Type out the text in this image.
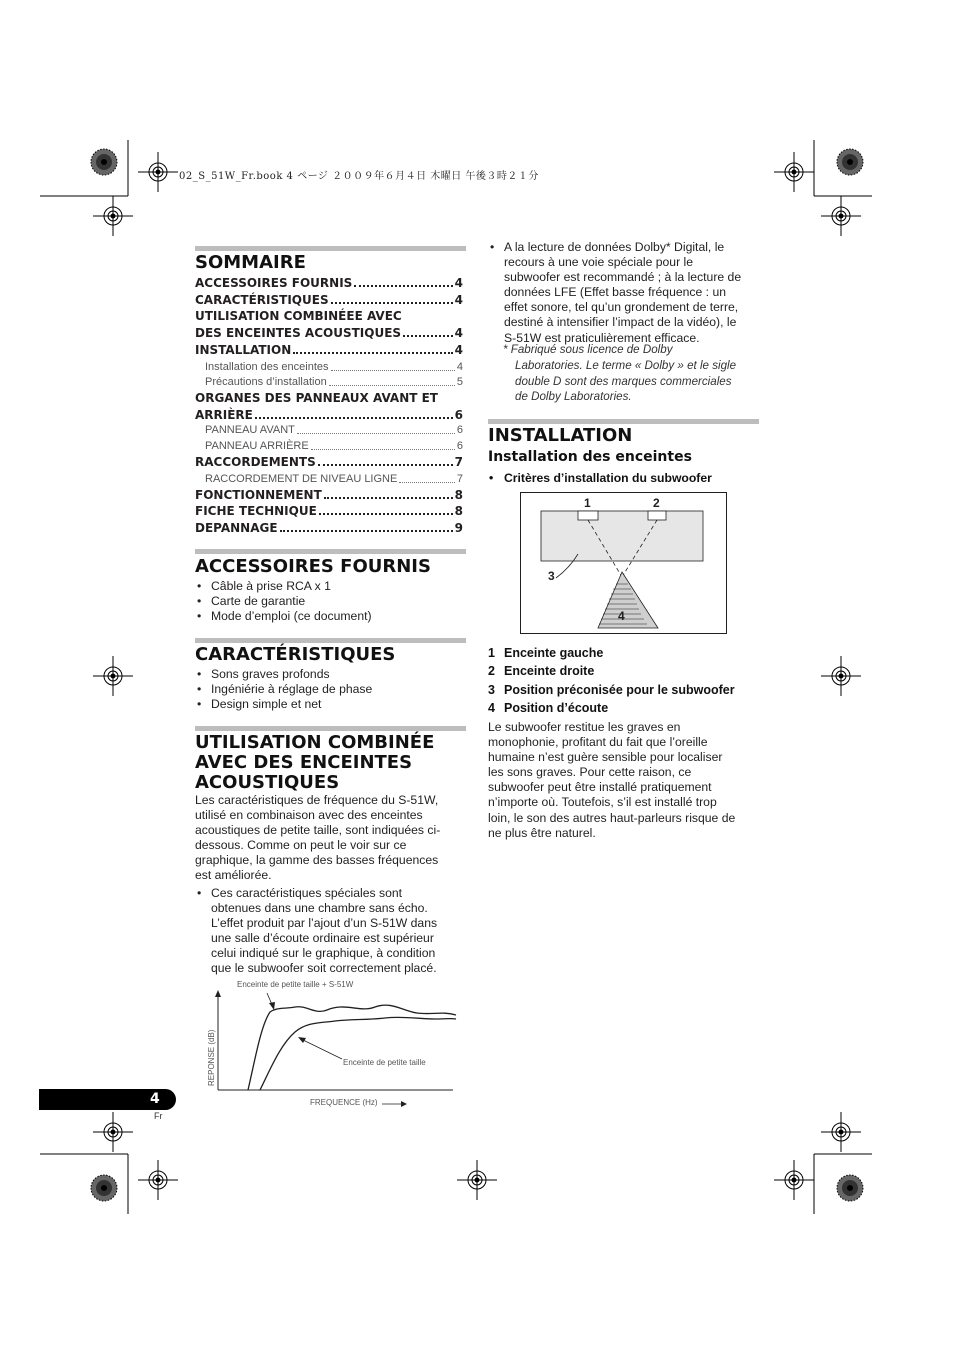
02_S_51W_Fr.book 4 ページ ２００９年６月４日 木曜日 午後３時２１分
SOMMAIRE
ACCESSOIRES FOURNIS	4
CARACTÉRISTIQUES	4
UTILISATION COMBINÉEE AVEC
DES ENCEINTES ACOUSTIQUES	4
INSTALLATION	4
Installation des enceintes	4
Précautions d’installation	5
ORGANES DES PANNEAUX AVANT ET
ARRIÈRE	6
PANNEAU AVANT	6
PANNEAU ARRIÈRE	6
RACCORDEMENTS	7
RACCORDEMENT DE NIVEAU LIGNE	7
FONCTIONNEMENT	8
FICHE TECHNIQUE	8
DEPANNAGE	9
ACCESSOIRES FOURNIS
• Câble à prise RCA x 1
• Carte de garantie
• Mode d’emploi (ce document)
CARACTÉRISTIQUES
• Sons graves profonds
• Ingéniérie à réglage de phase
• Design simple et net
UTILISATION COMBINÉE
AVEC DES ENCEINTES
ACOUSTIQUES
Les caractéristiques de fréquence du S-51W,
utilisé en combinaison avec des enceintes
acoustiques de petite taille, sont indiquées ci-
dessous. Comme on peut le voir sur ce
graphique, la gamme des basses fréquences
est améliorée.
• Ces caractéristiques spéciales sont
obtenues dans une chambre sans écho.
L’effet produit par l’ajout d’un S-51W dans
une salle d’écoute ordinaire est supérieur
celui indiqué sur le graphique, à condition
que le subwoofer soit correctement placé.
Enceinte de petite taille + S-51W
Enceinte de petite taille
FREQUENCE (Hz)
REPONSE (dB)
• A la lecture de données Dolby* Digital, le
recours à une voie spéciale pour le
subwoofer est recommandé ; à la lecture de
données LFE (Effet basse fréquence : un
effet sonore, tel qu’un grondement de terre,
destiné à intensifier l’impact de la vidéo), le
S-51W est praticulièrement efficace.
* Fabriqué sous licence de Dolby
Laboratories. Le terme « Dolby » et le sigle
double D sont des marques commerciales
de Dolby Laboratories.
INSTALLATION
Installation des enceintes
• Critères d’installation du subwoofer
1	2
3
4
1 Enceinte gauche
2 Enceinte droite
3 Position préconisée pour le subwoofer
4 Position d’écoute
Le subwoofer restitue les graves en
monophonie, profitant du fait que l’oreille
humaine n’est guère sensible pour localiser
les sons graves. Pour cette raison, ce
subwoofer peut être installé pratiquement
n’importe où. Toutefois, s’il est installé trop
loin, le son des autres haut-parleurs risque de
ne plus être naturel.
4
Fr
